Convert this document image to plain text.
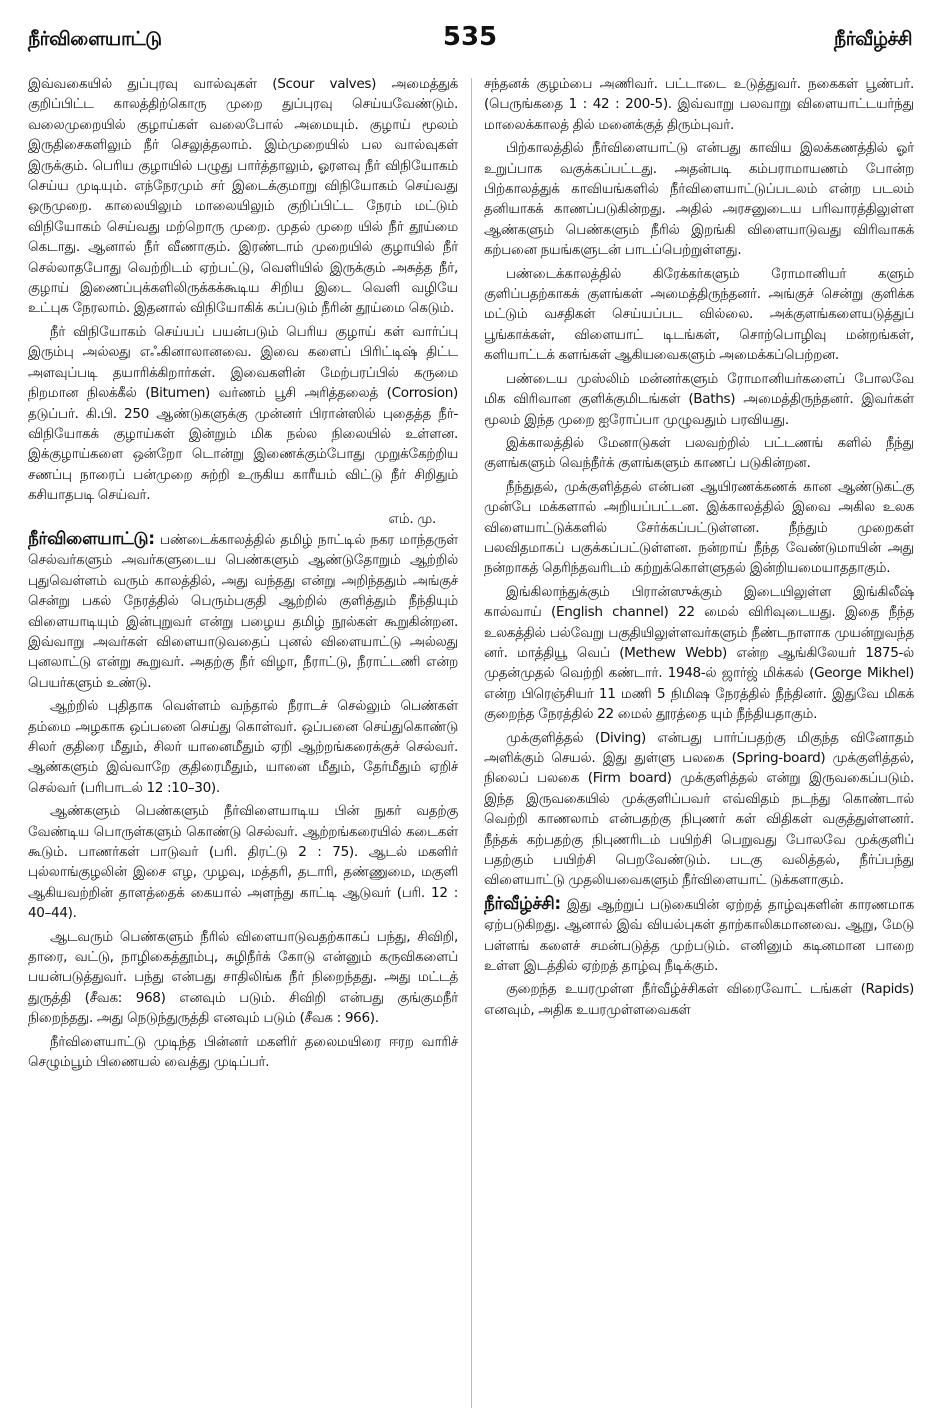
நீர்விளையாட்டு	535	நீர்வீழ்ச்சி

இவ்வகையில் துப்புரவு வால்வுகள் (Scour valves) அமைத்துக் குறிப்பிட்ட காலத்திற்கொரு முறை துப்புரவு செய்யவேண்டும். வலைமுறையில் குழாய்கள் வலைபோல் அமையும். குழாய் மூலம் இருதிசைகளிலும் நீர் செலுத்தலாம். இம்முறையில் பல வால்வுகள் இருக்கும். பெரிய குழாயில் பழுது பார்த்தாலும், ஓரளவு நீர் விநியோகம் செய்ய முடியும். எந்நேரமும் சர் இடைக்குமாறு விநியோகம் செய்வது ஒருமுறை. காலையிலும் மாலையிலும் குறிப்பிட்ட நேரம் மட்டும் விநியோகம் செய்வது மற்றொரு முறை. முதல் முறை யில் நீர் தூய்மை கெடாது. ஆனால் நீர் வீணாகும். இரண்டாம் முறையில் குழாயில் நீர் செல்லாதபோது வெற்றிடம் ஏற்பட்டு, வெளியில் இருக்கும் அசுத்த நீர், குழாய் இணைப்புக்களிலிருக்கக்கூடிய சிறிய இடை வெளி வழியே உட்புக நேரலாம். இதனால் விநியோகிக் கப்படும் நீரின் தூய்மை கெடும்.

நீர் விநியோகம் செய்யப் பயன்படும் பெரிய குழாய் கள் வார்ப்பு இரும்பு அல்லது எஃகினாலானவை. இவை களைப் பிரிட்டிஷ் திட்ட அளவுப்படி தயாரிக்கிறார்கள். இவைகளின் மேற்பரப்பில் கருமை நிறமான நிலக்கீல் (Bitumen) வர்ணம் பூசி அரித்தலைத் (Corrosion) தடுப்பர். கி.பி. 250 ஆண்டுகளுக்கு முன்னர் பிரான்ஸில் புதைத்த நீர்-விநியோகக் குழாய்கள் இன்றும் மிக நல்ல நிலையில் உள்ளன. இக்குழாய்களை ஒன்றோ டொன்று இணைக்கும்போது முறுக்கேற்றிய சணப்பு நாரைப் பன்முறை சுற்றி உருகிய காரீயம் விட்டு நீர் சிறிதும் கசியாதபடி செய்வர்.

எம். மு.

நீர்விளையாட்டு: பண்டைக்காலத்தில் தமிழ் நாட்டில் நகர மாந்தருள் செல்வர்களும் அவர்களுடைய பெண்களும் ஆண்டுதோறும் ஆற்றில் புதுவெள்ளம் வரும் காலத்தில், அது வந்தது என்று அறிந்ததும் அங்குச் சென்று பகல் நேரத்தில் பெரும்பகுதி ஆற்றில் குளித்தும் நீந்தியும் விளையாடியும் இன்புறுவர் என்று பழைய தமிழ் நூல்கள் கூறுகின்றன. இவ்வாறு அவர்கள் விளையாடுவதைப் புனல் விளையாட்டு அல்லது புனலாட்டு என்று கூறுவர். அதற்கு நீர் விழா, நீராட்டு, நீராட்டணி என்ற பெயர்களும் உண்டு.

ஆற்றில் புதிதாக வெள்ளம் வந்தால் நீராடச் செல்லும் பெண்கள் தம்மை அழகாக ஒப்பனை செய்து கொள்வர். ஒப்பனை செய்துகொண்டு சிலர் குதிரை மீதும், சிலர் யானைமீதும் ஏறி ஆற்றங்கரைக்குச் செல்வர். ஆண்களும் இவ்வாறே குதிரைமீதும், யானை மீதும், தேர்மீதும் ஏறிச் செல்வர் (பரிபாடல் 12 :10–30).

ஆண்களும் பெண்களும் நீர்விளையாடிய பின் நுகர் வதற்கு வேண்டிய பொருள்களும் கொண்டு செல்வர். ஆற்றங்கரையில் கடைகள் கூடும். பாணர்கள் பாடுவர் (பரி. திரட்டு 2 : 75). ஆடல் மகளிர் புல்லாங்குழலின் இசை எழ, முழவு, மத்தரி, தடாரி, தண்ணுமை, மகுளி ஆகியவற்றின் தாளத்தைக் கையால் அளந்து காட்டி ஆடுவர் (பரி. 12 : 40–44).

ஆடவரும் பெண்களும் நீரில் விளையாடுவதற்காகப் பந்து, சிவிறி, தாரை, வட்டு, நாழிகைத்தூம்பு, சுழிநீர்க் கோடு என்னும் கருவிகளைப் பயன்படுத்துவர். பந்து என்பது சாதிலிங்க நீர் நிறைந்தது. அது மட்டத் துருத்தி (சீவக: 968) எனவும் படும். சிவிறி என்பது குங்குமநீர் நிறைந்தது. அது நெடுந்துருத்தி எனவும் படும் (சீவக : 966).

நீர்விளையாட்டு முடிந்த பின்னர் மகளிர் தலைமயிரை ஈரற வாரிச் செழும்பூம் பிணையல் வைத்து முடிப்பர்.

சந்தனக் குழம்பை அணிவர். பட்டாடை உடுத்துவர். நகைகள் பூண்பர். (பெருங்கதை 1 : 42 : 200-5). இவ்வாறு பலவாறு விளையாட்டயர்ந்து மாலைக்காலத் தில் மனைக்குத் திரும்புவர்.

பிற்காலத்தில் நீர்விளையாட்டு என்பது காவிய இலக்கணத்தில் ஓர் உறுப்பாக வகுக்கப்பட்டது. அதன்படி கம்பராமாயணம் போன்ற பிற்காலத்துக் காவியங்களில் நீர்விளையாட்டுப்படலம் என்ற படலம் தனியாகக் காணப்படுகின்றது. அதில் அரசனுடைய பரிவாரத்திலுள்ள ஆண்களும் பெண்களும் நீரில் இறங்கி விளையாடுவது விரிவாகக் கற்பனை நயங்களுடன் பாடப்பெற்றுள்ளது.

பண்டைக்காலத்தில் கிரேக்கர்களும் ரோமானியர் களும் குளிப்பதற்காகக் குளங்கள் அமைத்திருந்தனர். அங்குச் சென்று குளிக்க மட்டும் வசதிகள் செய்யப்பட வில்லை. அக்குளங்களையடுத்துப் பூங்காக்கள், விளையாட் டிடங்கள், சொற்பொழிவு மன்றங்கள், களியாட்டக் களங்கள் ஆகியவைகளும் அமைக்கப்பெற்றன.

பண்டைய முஸ்லிம் மன்னர்களும் ரோமானியர்களைப் போலவே மிக விரிவான குளிக்குமிடங்கள் (Baths) அமைத்திருந்தனர். இவர்கள் மூலம் இந்த முறை ஐரோப்பா முழுவதும் பரவியது.

இக்காலத்தில் மேனாடுகள் பலவற்றில் பட்டணங் களில் நீந்து குளங்களும் வெந்நீர்க் குளங்களும் காணப் படுகின்றன.

நீந்துதல், முக்குளித்தல் என்பன ஆயிரணக்கணக் கான ஆண்டுகட்கு முன்பே மக்களால் அறியப்பட்டன. இக்காலத்தில் இவை அகில உலக விளையாட்டுக்களில் சேர்க்கப்பட்டுள்ளன. நீந்தும் முறைகள் பலவிதமாகப் பகுக்கப்பட்டுள்ளன. நன்றாய் நீந்த வேண்டுமாயின் அது நன்றாகத் தெரிந்தவரிடம் கற்றுக்கொள்ளுதல் இன்றியமையாததாகும்.

இங்கிலாந்துக்கும் பிரான்ஸுக்கும் இடையிலுள்ள இங்கிலீஷ் கால்வாய் (English channel) 22 மைல் விரிவுடையது. இதை நீந்த உலகத்தில் பல்வேறு பகுதியிலுள்ளவர்களும் நீண்டநாளாக முயன்றுவந்த னர். மாத்தியூ வெப் (Methew Webb) என்ற ஆங்கிலேயர் 1875-ல் முதன்முதல் வெற்றி கண்டார். 1948-ல் ஜார்ஜ் மிக்கல் (George Mikhel) என்ற பிரெஞ்சியர் 11 மணி 5 நிமிஷ நேரத்தில் நீந்தினர். இதுவே மிகக் குறைந்த நேரத்தில் 22 மைல் தூரத்தை யும் நீந்தியதாகும்.

முக்குளித்தல் (Diving) என்பது பார்ப்பதற்கு மிகுந்த வினோதம் அளிக்கும் செயல். இது துள்ளு பலகை (Spring-board) முக்குளித்தல், நிலைப் பலகை (Firm board) முக்குளித்தல் என்று இருவகைப்படும். இந்த இருவகையில் முக்குளிப்பவர் எவ்விதம் நடந்து கொண்டால் வெற்றி காணலாம் என்பதற்கு நிபுணர் கள் விதிகள் வகுத்துள்ளனர். நீந்தக் கற்பதற்கு நிபுணரிடம் பயிற்சி பெறுவது போலவே முக்குளிப் பதற்கும் பயிற்சி பெறவேண்டும். படகு வலித்தல், நீர்ப்பந்து விளையாட்டு முதலியவைகளும் நீர்விளையாட் டுக்களாகும்.

நீர்வீழ்ச்சி: இது ஆற்றுப் படுகையின் ஏற்றத் தாழ்வுகளின் காரணமாக ஏற்படுகிறது. ஆனால் இவ் வியல்புகள் தாற்காலிகமானவை. ஆறு, மேடு பள்ளங் களைச் சமன்படுத்த முற்படும். எனினும் கடினமான பாறை உள்ள இடத்தில் ஏற்றத் தாழ்வு நீடிக்கும்.

குறைந்த உயரமுள்ள நீர்வீழ்ச்சிகள் விரைவோட் டங்கள் (Rapids) எனவும், அதிக உயரமுள்ளவைகள்
